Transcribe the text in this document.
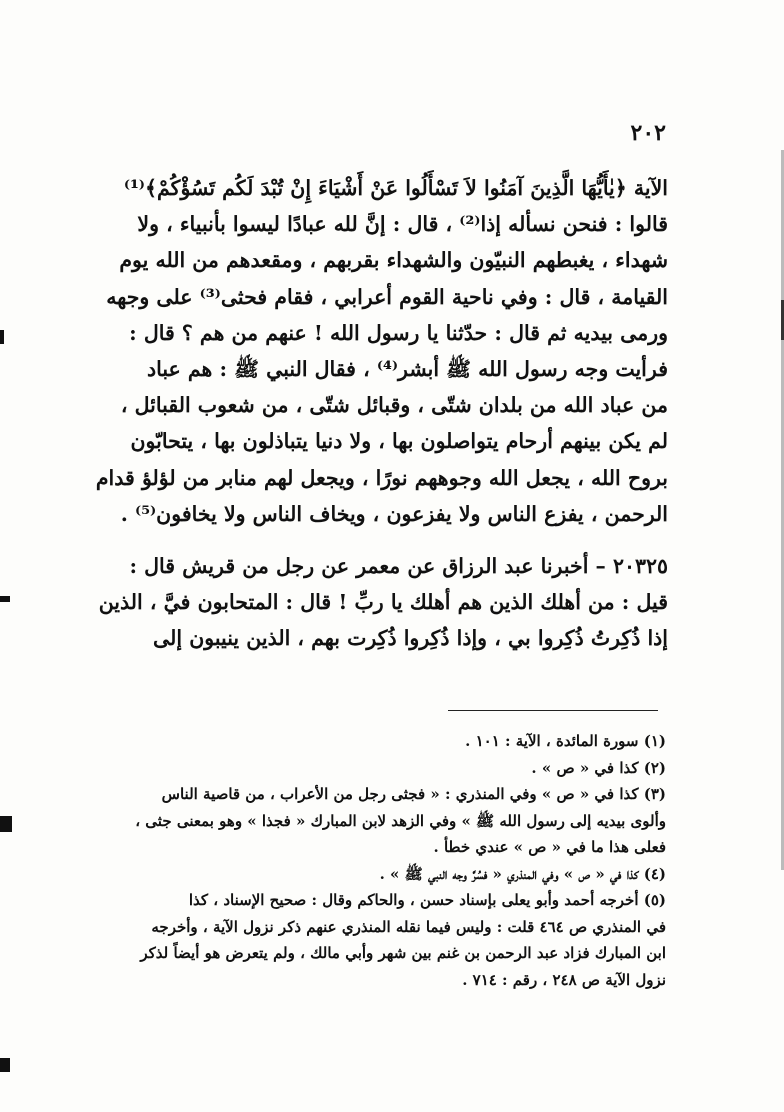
٢٠٢
الآية ﴿يٰأَيُّهَا الَّذِينَ آمَنُوا لاَ تَسْأَلُوا عَنْ أَشْيَاءَ إِنْ تُبْدَ لَكُم تَسُؤْكُمْ﴾⁽¹⁾
قالوا : فنحن نسأله إذا⁽²⁾ ، قال : إنَّ لله عبادًا ليسوا بأنبياء ، ولا
شهداء ، يغبطهم النبيّون والشهداء بقربهم ، ومقعدهم من الله يوم
القيامة ، قال : وفي ناحية القوم أعرابي ، فقام فحثى⁽³⁾ على وجهه
ورمى بيديه ثم قال : حدّثنا يا رسول الله ! عنهم من هم ؟ قال :
فرأيت وجه رسول الله ﷺ أبشر⁽⁴⁾ ، فقال النبي ﷺ : هم عباد
من عباد الله من بلدان شتّى ، وقبائل شتّى ، من شعوب القبائل ،
لم يكن بينهم أرحام يتواصلون بها ، ولا دنيا يتباذلون بها ، يتحابّون
بروح الله ، يجعل الله وجوههم نورًا ، ويجعل لهم منابر من لؤلؤ قدام
الرحمن ، يفزع الناس ولا يفزعون ، ويخاف الناس ولا يخافون⁽⁵⁾ .
٢٠٣٢٥ – أخبرنا عبد الرزاق عن معمر عن رجل من قريش قال :
قيل : من أهلك الذين هم أهلك يا ربِّ ! قال : المتحابون فيَّ ، الذين
إذا ذُكِرتُ ذُكِروا بي ، وإذا ذُكِروا ذُكِرت بهم ، الذين ينيبون إلى
(١) سورة المائدة ، الآية : ١٠١ .
(٢) كذا في « ص » .
(٣) كذا في « ص » وفي المنذري : « فجثى رجل من الأعراب ، من قاصية الناس
وألوى بيديه إلى رسول الله ﷺ » وفي الزهد لابن المبارك « فجذا » وهو بمعنى جثى ،
فعلى هذا ما في « ص » عندي خطأ .
(٤) كذا في « ص » وفي المنذري « فسُرَّ وجه النبي ﷺ » .
(٥) أخرجه أحمد وأبو يعلى بإسناد حسن ، والحاكم وقال : صحيح الإسناد ، كذا
في المنذري ص ٤٦٤ قلت : وليس فيما نقله المنذري عنهم ذكر نزول الآية ، وأخرجه
ابن المبارك فزاد عبد الرحمن بن غنم بين شهر وأبي مالك ، ولم يتعرض هو أيضاً لذكر
نزول الآية ص ٢٤٨ ، رقم : ٧١٤ .
